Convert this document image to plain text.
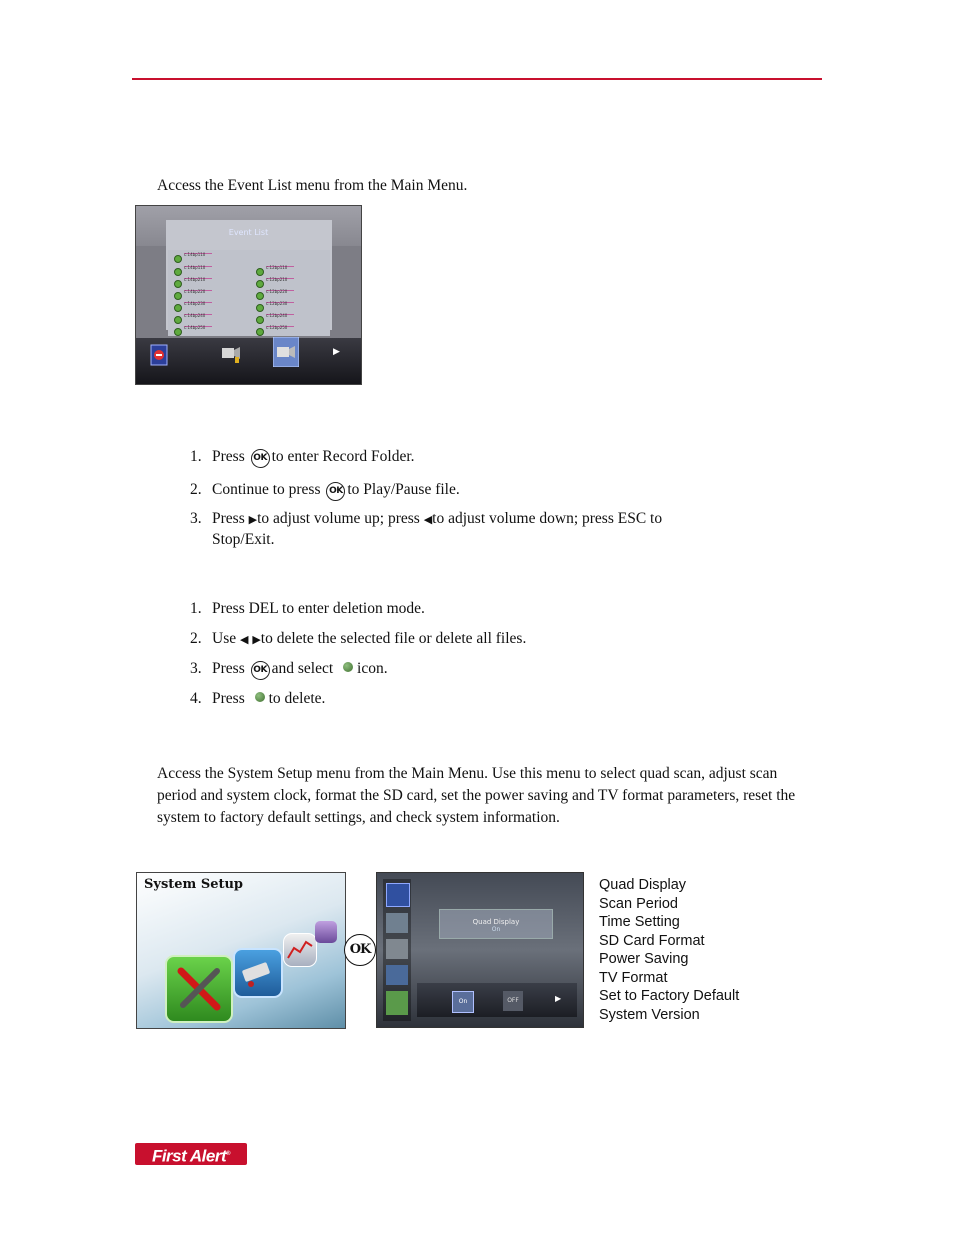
Access the Event List menu from the Main Menu.

Event List
c:14bp110
c:14bp110
c:14bp210
c:14bp220
c:14bp230
c:14bp240
c:14bp250
c:12bp110
c:12bp210
c:12bp220
c:12bp230
c:12bp240
c:12bp250
▶
1. Press OK to enter Record Folder.
2. Continue to press OK to Play/Pause file.
3. Press ▶to adjust volume up; press ◀to adjust volume down; press ESC to
Stop/Exit.
1. Press DEL to enter deletion mode.
2. Use ◀ ▶to delete the selected file or delete all files.
3. Press OK and select icon.
4. Press to delete.

Access the System Setup menu from the Main Menu. Use this menu to select quad scan, adjust scan period and system clock, format the SD card, set the power saving and TV format parameters, reset the system to factory default settings, and check system information.

System Setup
OK
Quad Display
On
On	OFF	▶
Quad Display
Scan Period
Time Setting
SD Card Format
Power Saving
TV Format
Set to Factory Default
System Version
First Alert®
